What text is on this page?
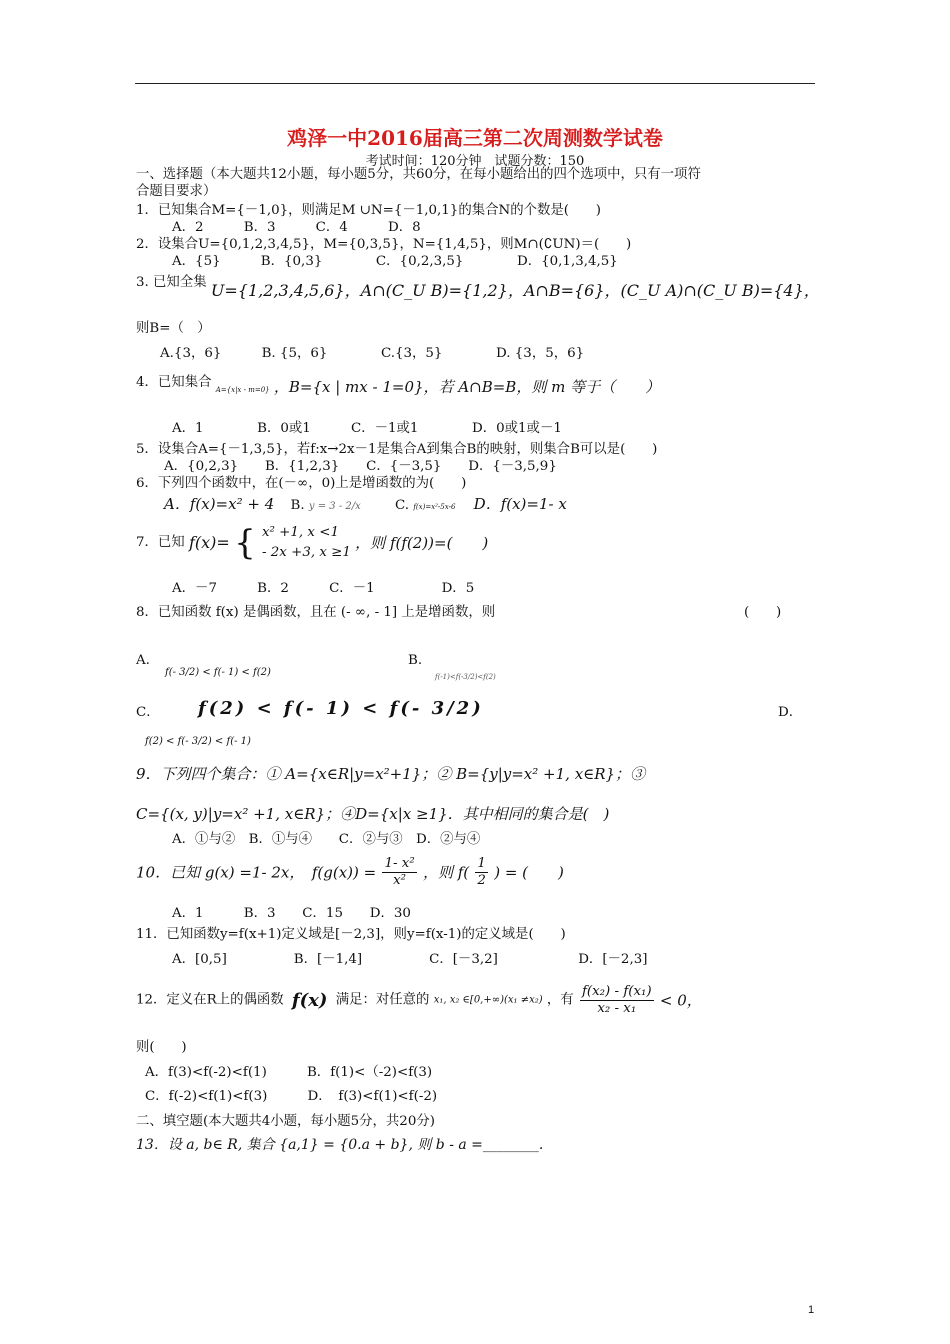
鸡泽一中2016届高三第二次周测数学试卷
考试时间：120分钟　试题分数：150
一、选择题（本大题共12小题，每小题5分，共60分，在每小题给出的四个选项中，只有一项符
合题目要求）
1．已知集合M={－1,0}，则满足M ∪N={－1,0,1}的集合N的个数是(　　)
A．2　　　B．3　　　C．4　　　D．8
2．设集合U={0,1,2,3,4,5}，M={0,3,5}，N={1,4,5}，则M∩(∁UN)＝(　　)
A．{5}　　　B．{0,3}　　　　C．{0,2,3,5}　　　　D．{0,1,3,4,5}
3. 已知全集 U={1,2,3,4,5,6}，A∩(C_U B)={1,2}，A∩B={6}，(C_U A)∩(C_U B)={4}，
则B=（　）
A.{3，6}　　　B. {5，6}　　　　C.{3，5}　　　　D. {3，5，6}
4．已知集合 $_{A=\{x|x - m=0\}}$ ，B={x | mx - 1=0}，若 A∩B=B，则 m 等于（　　）
A．1　　　　B．0或1　　　C．－1或1　　　　D．0或1或－1
5．设集合A={－1,3,5}，若f:x→2x－1是集合A到集合B的映射，则集合B可以是(　　)
A．{0,2,3}　　B．{1,2,3}　　C．{－3,5}　　D．{－3,5,9}
6．下列四个函数中，在(－∞，0)上是增函数的为(　　)
A．f(x)=x² + 4 B. y = 3 - 2/x	C. f(x)=x²-5x-6 D．f(x)=1- x
7．已知 f(x)= { x² +1, x <1
- 2x +3, x ≥1
，则 f(f(2))=(　　)
A．－7　　　B．2　　　C．－1　　　　　D．5
8．已知函数 f(x) 是偶函数，且在 (- ∞, - 1] 上是增函数，则	(　　)
A.
f(- 3/2) < f(- 1) < f(2)
B.
f(-1)<f(-3/2)<f(2)
C． f(2) < f(- 1) < f(- 3/2)	D．
f(2) < f(- 3/2) < f(- 1)
9．下列四个集合：① A={x∈R|y=x²+1}；② B={y|y=x² +1, x∈R}；③
C={(x, y)|y=x² +1, x∈R}；④D={x|x ≥1}．其中相同的集合是(　)
A．①与②　B．①与④　　C．②与③　D．②与④
10．已知 g(x) =1- 2x，　$f(g(x)) = \frac{\text{1- x²}}{\text{x²}}$ ，则 $f( \frac{1}{2}$ ) = (　　)
A．1　　　B．3　　C．15　　D．30
11．已知函数y=f(x+1)定义域是[－2,3]，则y=f(x-1)的定义域是(　　)
A．[0,5]　　　　　B．[－1,4]　　　　　C．[－3,2]　　　　　　D．[－2,3]
12．定义在R上的偶函数 f(x) 满足：对任意的 x₁, x₂ ∈[0,+∞)(x₁ ≠x₂) ，有 $\frac{\text{f(x₂) - f(x₁)}}{\text{x₂ - x₁}} < 0$，
则(　　)
A．f(3)<f(-2)<f(1)　　　B．f(1)<（-2)<f(3)
C．f(-2)<f(1)<f(3)　　　D．　f(3)<f(1)<f(-2)
二、填空题(本大题共4小题，每小题5分，共20分)
13．设 a, b∈ R, 集合 {a,1} = {0.a + b}, 则 b - a =________.
1
